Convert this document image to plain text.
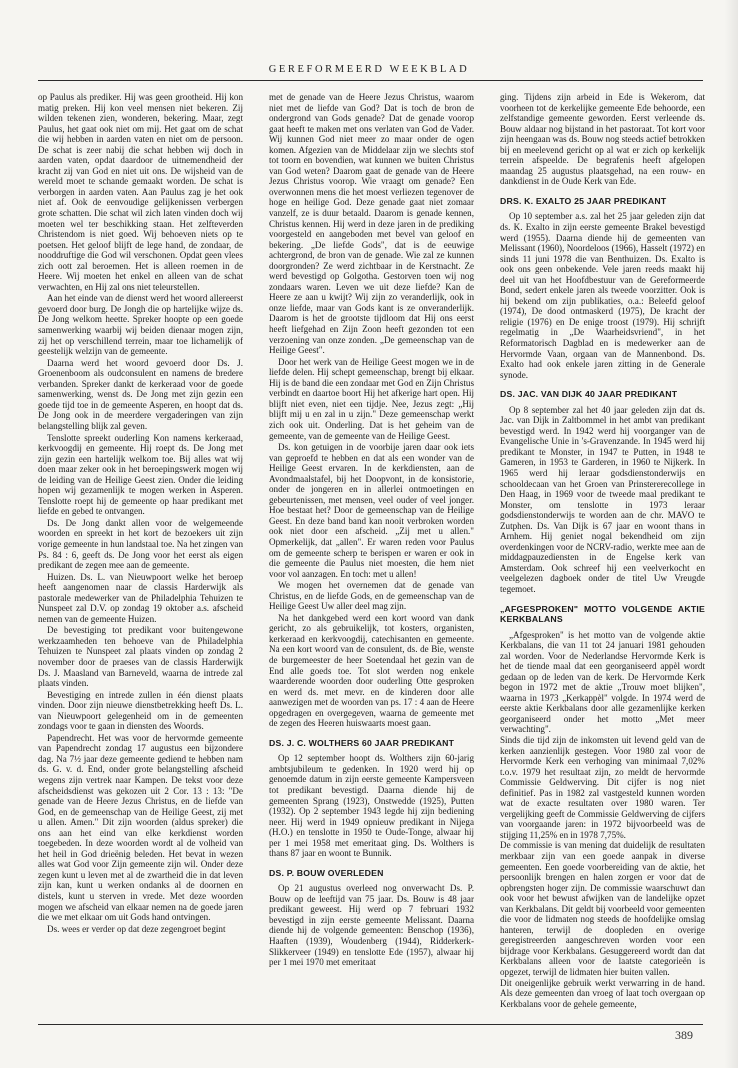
GEREFORMEERD WEEKBLAD

op Paulus als prediker. Hij was geen grootheid. Hij kon matig preken. Hij kon veel mensen niet bekeren. Zij wilden tekenen zien, wonderen, bekering. Maar, zegt Paulus, het gaat ook niet om mij. Het gaat om de schat die wij hebben in aarden vaten en niet om de persoon. De schat is zeer nabij die schat hebben wij doch in aarden vaten, opdat daardoor de uitnemendheid der kracht zij van God en niet uit ons. De wijsheid van de wereld moet te schande gemaakt worden. De schat is verborgen in aarden vaten. Aan Paulus zag je het ook niet af. Ook de eenvoudige gelijkenissen verbergen grote schatten. Die schat wil zich laten vinden doch wij moeten wel ter beschikking staan. Het zelfteverden Christendom is niet goed. Wij behoeven niets op te poetsen. Het geloof blijft de lege hand, de zondaar, de nooddruftige die God wil verschonen. Opdat geen vlees zich oott zal beroemen. Het is alleen roemen in de Heere. Wij moeten het enkel en alleen van de schat verwachten, en Hij zal ons niet teleurstellen.

Aan het einde van de dienst werd het woord allereerst gevoerd door burg. De Jongh die op hartelijke wijze ds. De Jong welkom heette. Spreker hoopte op een goede samenwerking waarbij wij beiden dienaar mogen zijn, zij het op verschillend terrein, maar toe lichamelijk of geestelijk welzijn van de gemeente.

Daarna werd het woord gevoerd door Ds. J. Groenenboom als oudconsulent en namens de bredere verbanden. Spreker dankt de kerkeraad voor de goede samenwerking, wenst ds. De Jong met zijn gezin een goede tijd toe in de gemeente Asperen, en hoopt dat ds. De Jong ook in de meerdere vergaderingen van zijn belangstelling blijk zal geven.

Tenslotte spreekt ouderling Kon namens kerkeraad, kerkvoogdij en gemeente. Hij roept ds. De Jong met zijn gezin een hartelijk welkom toe. Bij alles wat wij doen maar zeker ook in het beroepingswerk mogen wij de leiding van de Heilige Geest zien. Onder die leiding hopen wij gezamenlijk te mogen werken in Asperen. Tenslotte roept hij de gemeente op haar predikant met liefde en gebed te ontvangen.

Ds. De Jong dankt allen voor de welgemeende woorden en spreekt in het kort de bezoekers uit zijn vorige gemeente in hun landstaal toe. Na het zingen van Ps. 84 : 6, geeft ds. De Jong voor het eerst als eigen predikant de zegen mee aan de gemeente.

Huizen. Ds. L. van Nieuwpoort welke het beroep heeft aangenomen naar de classis Harderwijk als pastorale medewerker van de Philadelphia Tehuizen te Nunspeet zal D.V. op zondag 19 oktober a.s. afscheid nemen van de gemeente Huizen.

De bevestiging tot predikant voor buitengewone werkzaamheden ten behoeve van de Philadelphia Tehuizen te Nunspeet zal plaats vinden op zondag 2 november door de praeses van de classis Harderwijk Ds. J. Maasland van Barneveld, waarna de intrede zal plaats vinden.

Bevestiging en intrede zullen in één dienst plaats vinden. Door zijn nieuwe dienstbetrekking heeft Ds. L. van Nieuwpoort gelegenheid om in de gemeenten zondags voor te gaan in diensten des Woords.

Papendrecht. Het was voor de hervormde gemeente van Papendrecht zondag 17 augustus een bijzondere dag. Na 7½ jaar deze gemeente gediend te hebben nam ds. G. v. d. End, onder grote belangstelling afscheid wegens zijn vertrek naar Kampen. De tekst voor deze afscheidsdienst was gekozen uit 2 Cor. 13 : 13: "De genade van de Heere Jezus Christus, en de liefde van God, en de gemeenschap van de Heilige Geest, zij met u allen. Amen." Dit zijn woorden (aldus spreker) die ons aan het eind van elke kerkdienst worden toegebeden. In deze woorden wordt al de volheid van het heil in God drieënig beleden. Het bevat in wezen alles wat God voor Zijn gemeente zijn wil. Onder deze zegen kunt u leven met al de zwartheid die in dat leven zijn kan, kunt u werken ondanks al de doornen en distels, kunt u sterven in vrede. Met deze woorden mogen we afscheid van elkaar nemen na de goede jaren die we met elkaar om uit Gods hand ontvingen.

Ds. wees er verder op dat deze zegengroet begint

met de genade van de Heere Jezus Christus, waarom niet met de liefde van God? Dat is toch de bron de ondergrond van Gods genade? Dat de genade voorop gaat heeft te maken met ons verlaten van God de Vader. Wij kunnen God niet meer zo maar onder de ogen komen. Afgezien van de Middelaar zijn we slechts stof tot toorn en bovendien, wat kunnen we buiten Christus van God weten? Daarom gaat de genade van de Heere Jezus Christus voorop. Wie vraagt om genade? Een overwonnen mens die het moest verliezen tegenover de hoge en heilige God. Deze genade gaat niet zomaar vanzelf, ze is duur betaald. Daarom is genade kennen, Christus kennen. Hij werd in deze jaren in de prediking voorgesteld en aangeboden met bevel van geloof en bekering. „De liefde Gods", dat is de eeuwige achtergrond, de bron van de genade. Wie zal ze kunnen doorgronden? Ze werd zichtbaar in de Kerstnacht. Ze werd bevestigd op Golgotha. Gestorven toen wij nog zondaars waren. Leven we uit deze liefde? Kan de Heere ze aan u kwijt? Wij zijn zo veranderlijk, ook in onze liefde, maar van Gods kant is ze onveranderlijk. Daarom is het de grootste tijdloom dat Hij ons eerst heeft liefgehad en Zijn Zoon heeft gezonden tot een verzoening van onze zonden. „De gemeenschap van de Heilige Geest".

Door het werk van de Heilige Geest mogen we in de liefde delen. Hij schept gemeenschap, brengt bij elkaar. Hij is de band die een zondaar met God en Zijn Christus verbindt en daartoe boort Hij het afkerige hart open. Hij blijft niet even, niet een tijdje. Nee, Jezus zegt: „Hij blijft mij u en zal in u zijn." Deze gemeenschap werkt zich ook uit. Onderling. Dat is het geheim van de gemeente, van de gemeente van de Heilige Geest.

Ds. kon getuigen in de voorbije jaren daar ook iets van geproefd te hebben en dat als een wonder van de Heilige Geest ervaren. In de kerkdiensten, aan de Avondmaalstafel, bij het Doopvont, in de konsistorie, onder de jongeren en in allerlei ontmoetingen en gebeurtenissen, met mensen, veel ouder of veel jonger. Hoe bestaat het? Door de gemeenschap van de Heilige Geest. En deze band band kan nooit verbroken worden ook niet door een afscheid. „Zij met u allen." Opmerkelijk, dat „allen". Er waren reden voor Paulus om de gemeente scherp te berispen er waren er ook in die gemeente die Paulus niet moesten, die hem niet voor vol aanzagen. En toch: met u allen!

We mogen het overnemen dat de genade van Christus, en de liefde Gods, en de gemeenschap van de Heilige Geest Uw aller deel mag zijn.

Na het dankgebed werd een kort woord van dank gericht, zo als gebruikelijk, tot kosters, organisten, kerkeraad en kerkvoogdij, catechisanten en gemeente. Na een kort woord van de consulent, ds. de Bie, wenste de burgemeester de heer Soetendaal het gezin van de End alle goeds toe. Tot slot werden nog enkele waarderende woorden door ouderling Otte gesproken en werd ds. met mevr. en de kinderen door alle aanwezigen met de woorden van ps. 17 : 4 aan de Heere opgedragen en overgegeven, waarna de gemeente met de zegen des Heeren huiswaarts moest gaan.

DS. J. C. WOLTHERS 60 JAAR PREDIKANT

Op 12 september hoopt ds. Wolthers zijn 60-jarig ambtsjubileum te gedenken. In 1920 werd hij op genoemde datum in zijn eerste gemeente Kampersveen tot predikant bevestigd. Daarna diende hij de gemeenten Sprang (1923), Onstwedde (1925), Putten (1932). Op 2 september 1943 legde hij zijn bediening neer. Hij werd in 1949 opnieuw predikant in Nijega (H.O.) en tenslotte in 1950 te Oude-Tonge, alwaar hij per 1 mei 1958 met emeritaat ging. Ds. Wolthers is thans 87 jaar en woont te Bunnik.

DS. P. BOUW OVERLEDEN

Op 21 augustus overleed nog onverwacht Ds. P. Bouw op de leeftijd van 75 jaar. Ds. Bouw is 48 jaar predikant geweest. Hij werd op 7 februari 1932 bevestigd in zijn eerste gemeente Melissant. Daarna diende hij de volgende gemeenten: Benschop (1936), Haaften (1939), Woudenberg (1944), Ridderkerk-Slikkerveer (1949) en tenslotte Ede (1957), alwaar hij per 1 mei 1970 met emeritaat

ging. Tijdens zijn arbeid in Ede is Wekerom, dat voorheen tot de kerkelijke gemeente Ede behoorde, een zelfstandige gemeente geworden. Eerst verleende ds. Bouw aldaar nog bijstand in het pastoraat. Tot kort voor zijn heengaan was ds. Bouw nog steeds actief betrokken bij en meelevend gericht op al wat er zich op kerkelijk terrein afspeelde. De begrafenis heeft afgelopen maandag 25 augustus plaatsgehad, na een rouw- en dankdienst in de Oude Kerk van Ede.

DRS. K. EXALTO 25 JAAR PREDIKANT

Op 10 september a.s. zal het 25 jaar geleden zijn dat ds. K. Exalto in zijn eerste gemeente Brakel bevestigd werd (1955). Daarna diende hij de gemeenten van Melissant (1960), Noordeloos (1966), Hasselt (1972) en sinds 11 juni 1978 die van Benthuizen. Ds. Exalto is ook ons geen onbekende. Vele jaren reeds maakt hij deel uit van het Hoofdbestuur van de Gereformeerde Bond, sedert enkele jaren als tweede voorzitter. Ook is hij bekend om zijn publikaties, o.a.: Beleefd geloof (1974), De dood ontmaskerd (1975), De kracht der religie (1976) en De enige troost (1979). Hij schrijft regelmatig in „De Waarheidsvriend", in het Reformatorisch Dagblad en is medewerker aan de Hervormde Vaan, orgaan van de Mannenbond. Ds. Exalto had ook enkele jaren zitting in de Generale synode.

DS. JAC. VAN DIJK 40 JAAR PREDIKANT

Op 8 september zal het 40 jaar geleden zijn dat ds. Jac. van Dijk in Zaltbommel in het ambt van predikant bevestigd werd. In 1942 werd hij voorganger van de Evangelische Unie in 's-Gravenzande. In 1945 werd hij predikant te Monster, in 1947 te Putten, in 1948 te Gameren, in 1953 te Garderen, in 1960 te Nijkerk. In 1965 werd hij leraar godsdienstonderwijs en schooldecaan van het Groen van Prinstererecollege in Den Haag, in 1969 voor de tweede maal predikant te Monster, om tenslotte in 1973 leraar godsdienstonderwijs te worden aan de chr. MAVO te Zutphen. Ds. Van Dijk is 67 jaar en woont thans in Arnhem. Hij geniet nogal bekendheid om zijn overdenkingen voor de NCRV-radio, werkte mee aan de middagpauzediensten in de Engelse kerk van Amsterdam. Ook schreef hij een veelverkocht en veelgelezen dagboek onder de titel Uw Vreugde tegemoet.

„AFGESPROKEN" MOTTO VOLGENDE AKTIE KERKBALANS

„Afgesproken" is het motto van de volgende aktie Kerkbalans, die van 11 tot 24 januari 1981 gehouden zal worden. Voor de Nederlandse Hervormde Kerk is het de tiende maal dat een georganiseerd appèl wordt gedaan op de leden van de kerk. De Hervormde Kerk begon in 1972 met de aktie „Trouw moet blijken", waarna in 1973 „Kerkappèl" volgde. In 1974 werd de eerste aktie Kerkbalans door alle gezamenlijke kerken georganiseerd onder het motto „Met meer verwachting".
Sinds die tijd zijn de inkomsten uit levend geld van de kerken aanzienlijk gestegen. Voor 1980 zal voor de Hervormde Kerk een verhoging van minimaal 7,02% t.o.v. 1979 het resultaat zijn, zo meldt de hervormde Commissie Geldwerving. Dit cijfer is nog niet definitief. Pas in 1982 zal vastgesteld kunnen worden wat de exacte resultaten over 1980 waren. Ter vergelijking geeft de Commissie Geldwerving de cijfers van voorgaande jaren: in 1972 bijvoorbeeld was de stijging 11,25% en in 1978 7,75%.
De commissie is van mening dat duidelijk de resultaten merkbaar zijn van een goede aanpak in diverse gemeenten. Een goede voorbereiding van de aktie, het persoonlijk brengen en halen zorgen er voor dat de opbrengsten hoger zijn. De commissie waarschuwt dan ook voor het bewust afwijken van de landelijke opzet van Kerkbalans. Dit geldt bij voorbeeld voor gemeenten die voor de lidmaten nog steeds de hoofdelijke omslag hanteren, terwijl de doopleden en overige geregistreerden aangeschreven worden voor een bijdrage voor Kerkbalans. Gesuggereerd wordt dan dat Kerkbalans alleen voor de laatste categorieën is opgezet, terwijl de lidmaten hier buiten vallen.
Dit oneigenlijke gebruik werkt verwarring in de hand. Als deze gemeenten dan vroeg of laat toch overgaan op Kerkbalans voor de gehele gemeente,

389
